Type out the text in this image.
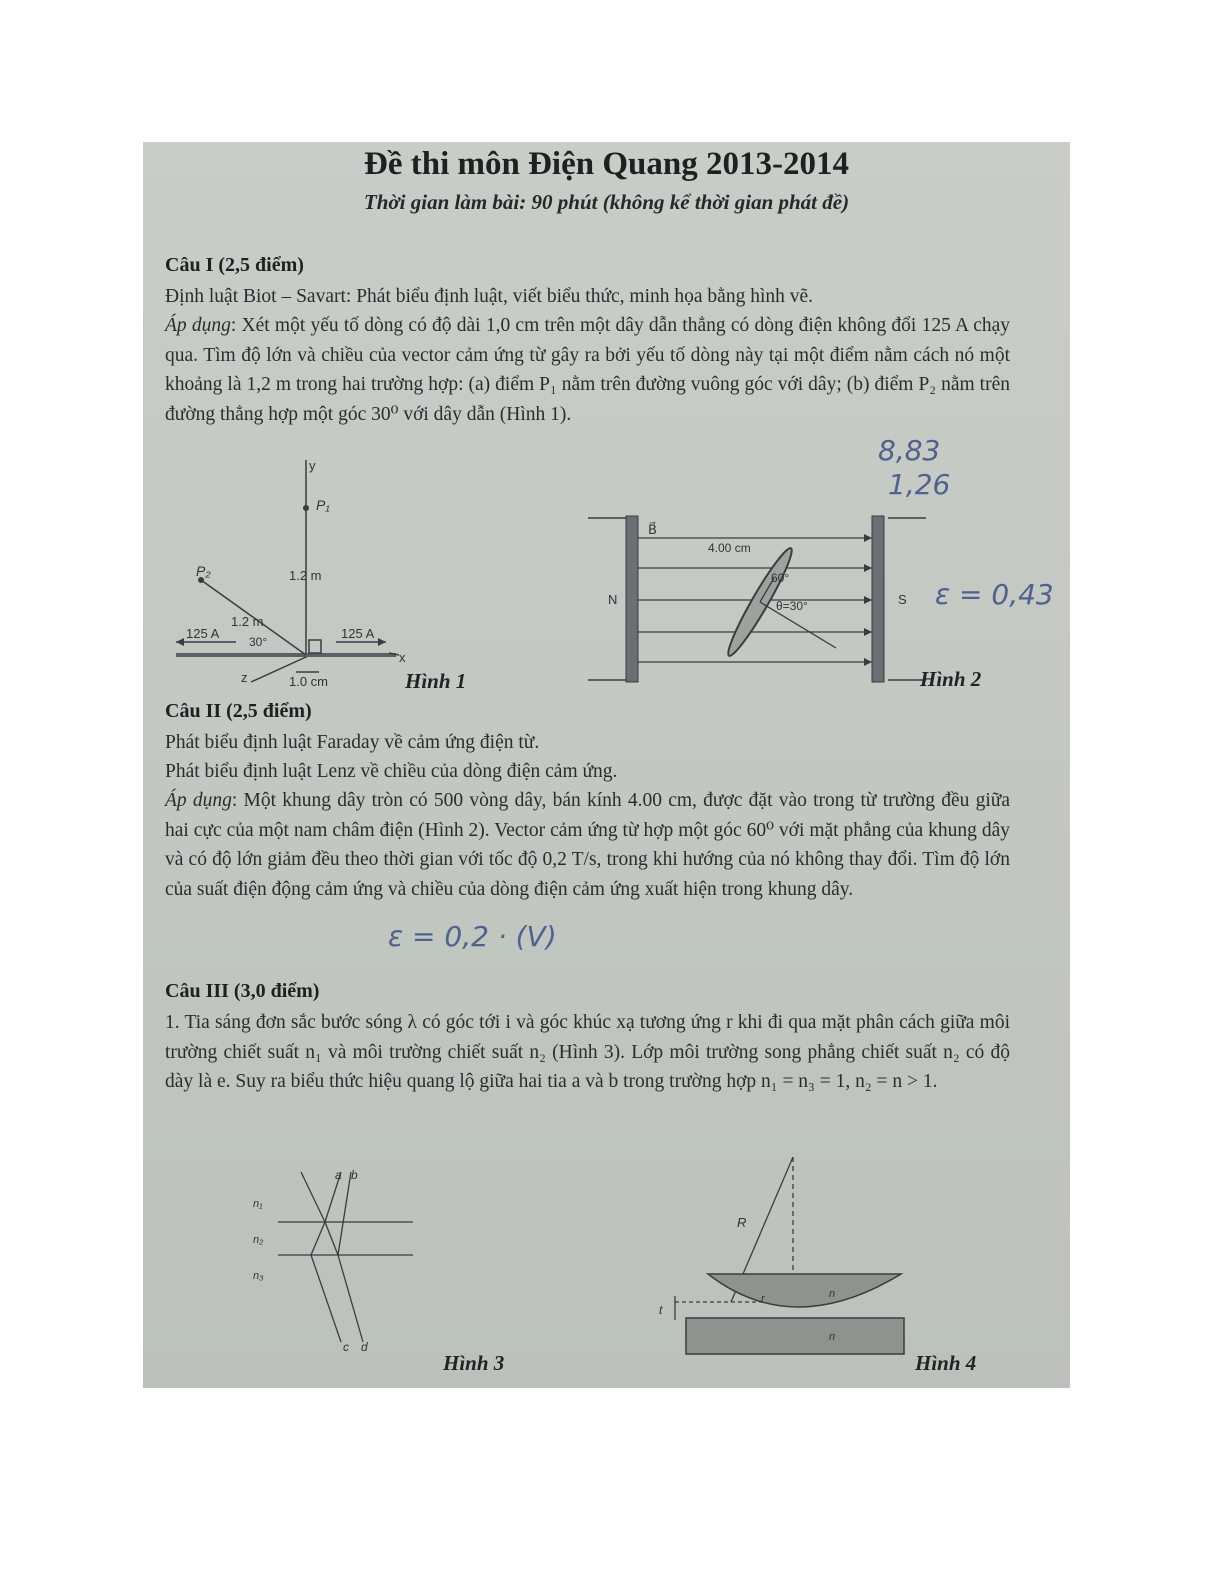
Đề thi môn Điện Quang 2013-2014
Thời gian làm bài: 90 phút (không kể thời gian phát đề)
Câu I (2,5 điểm)

Định luật Biot – Savart: Phát biểu định luật, viết biểu thức, minh họa bằng hình vẽ.

Áp dụng: Xét một yếu tố dòng có độ dài 1,0 cm trên một dây dẫn thẳng có dòng điện không đổi 125 A chạy qua. Tìm độ lớn và chiều của vector cảm ứng từ gây ra bởi yếu tố dòng này tại một điểm nằm cách nó một khoảng là 1,2 m trong hai trường hợp: (a) điểm P₁ nằm trên đường vuông góc với dây; (b) điểm P₂ nằm trên đường thẳng hợp một góc 30⁰ với dây dẫn (Hình 1).

8,83
1,26
ε = 0,43
y
x
z
P₁
P₂	1.2 m
1.2 m
125 A	125 A
30°
1.0 cm	Hình 1
B⃗
N	S
4.00 cm
60°
θ=30°
Hình 2
Câu II (2,5 điểm)

Phát biểu định luật Faraday về cảm ứng điện từ.

Phát biểu định luật Lenz về chiều của dòng điện cảm ứng.

Áp dụng: Một khung dây tròn có 500 vòng dây, bán kính 4.00 cm, được đặt vào trong từ trường đều giữa hai cực của một nam châm điện (Hình 2). Vector cảm ứng từ hợp một góc 60⁰ với mặt phẳng của khung dây và có độ lớn giảm đều theo thời gian với tốc độ 0,2 T/s, trong khi hướng của nó không thay đổi. Tìm độ lớn của suất điện động cảm ứng và chiều của dòng điện cảm ứng xuất hiện trong khung dây.

ε = 0,2 · (V)
Câu III (3,0 điểm)

1. Tia sáng đơn sắc bước sóng λ có góc tới i và góc khúc xạ tương ứng r khi đi qua mặt phân cách giữa môi trường chiết suất n₁ và môi trường chiết suất n₂ (Hình 3). Lớp môi trường song phẳng chiết suất n₂ có độ dày là e. Suy ra biểu thức hiệu quang lộ giữa hai tia a và b trong trường hợp n₁ = n₃ = 1, n₂ = n > 1.

n₁
n₂
n₃
a b
c d
Hình 3
R
t
r	n
n
Hình 4
